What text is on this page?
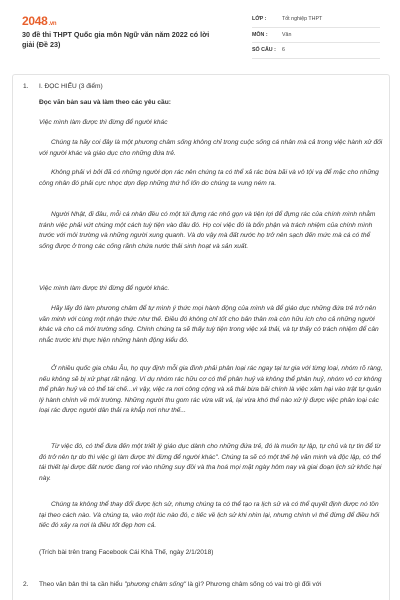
2048.vn
30 đề thi THPT Quốc gia môn Ngữ văn năm 2022 có lời giải (Đề 23)
LỚP :	Tốt nghiệp THPT
MÔN :	Văn
SỐ CÂU :	6
1.	I. ĐỌC HIỂU (3 điểm)
Đọc văn bản sau và làm theo các yêu cầu:
Việc mình làm được thì đừng để người khác
Chúng ta hãy coi đây là một phương châm sống không chỉ trong cuộc sống cá nhân mà cả trong việc hành xử đối với người khác và giáo dục cho những đứa trẻ.
Không phải vì bởi đã có những người dọn rác nên chúng ta có thể xả rác bừa bãi và vô tội vạ để mặc cho những công nhân đó phải cực nhọc dọn đẹp những thứ hổ lốn do chúng ta vung ném ra.
Người Nhật, đi đâu, mỗi cá nhân đều có một túi đựng rác nhỏ gọn và tiện lợi để đựng rác của chính mình nhằm tránh việc phải vứt chúng một cách tuỳ tiện vào đâu đó. Họ coi việc đó là bổn phận và trách nhiệm của chính mình trước với môi trường và những người xung quanh. Và do vậy mà đất nước họ trở nên sạch đến mức mà cá có thể sống được ở trong các cống rãnh chứa nước thải sinh hoạt và sản xuất.
Việc mình làm được thì đừng để người khác.
Hãy lấy đó làm phương châm để tự mình ý thức mọi hành động của mình và để giáo dục những đứa trẻ trở nên văn minh với cùng một nhận thức như thế. Điều đó không chỉ tốt cho bản thân mà còn hữu ích cho cả những người khác và cho cả môi trường sống. Chính chúng ta sẽ thấy tuỳ tiện trong việc xả thải, và tự thấy có trách nhiệm để cân nhắc trước khi thực hiện những hành động kiểu đó.
Ở nhiều quốc gia châu Âu, họ quy định mỗi gia đình phải phân loại rác ngay tại tư gia với từng loại, nhóm rõ ràng, nếu không sẽ bị xử phạt rất nặng. Ví dụ nhóm rác hữu cơ có thể phân huỷ và không thể phân huỷ, nhóm vỏ cơ không thể phân huỷ và có thể tái chế...vì vậy, việc ra nơi công cộng và xả thải bừa bãi chính là việc xâm hại vào trật tự quản lý hành chính về môi trường. Những người thu gom rác vừa vất vả, lại vừa khó thể nào xử lý được việc phân loại các loại rác được người dân thải ra khắp nơi như thế...
Từ việc đó, có thể đưa đến một triết lý giáo dục dành cho những đứa trẻ, đó là muốn tự lập, tự chủ và tự tin để từ đó trở nên tự do thì việc gì làm được thì đừng để người khác". Chúng ta sẽ có một thế hệ văn minh và độc lập, có thể tái thiết lại được đất nước đang rơi vào những suy đồi và tha hoá mọi mặt ngày hôm nay và giai đoạn lịch sử khốc hại này.
Chúng ta không thể thay đổi được lịch sử, nhưng chúng ta có thể tạo ra lịch sử và có thể quyết định được nó tồn tại theo cách nào. Và chúng ta, vào một lúc nào đó, c tiếc về lịch sử khi nhìn lại, nhưng chính vì thế đừng để điều hối tiếc đó xảy ra nơi là điều tốt đẹp hơn cả.
(Trích bài trên trang Facebook Cái Khả Thế, ngày 2/1/2018)
2.	Theo văn bản thì ta cần hiểu "phương châm sống" là gì? Phương châm sống có vai trò gì đối với
